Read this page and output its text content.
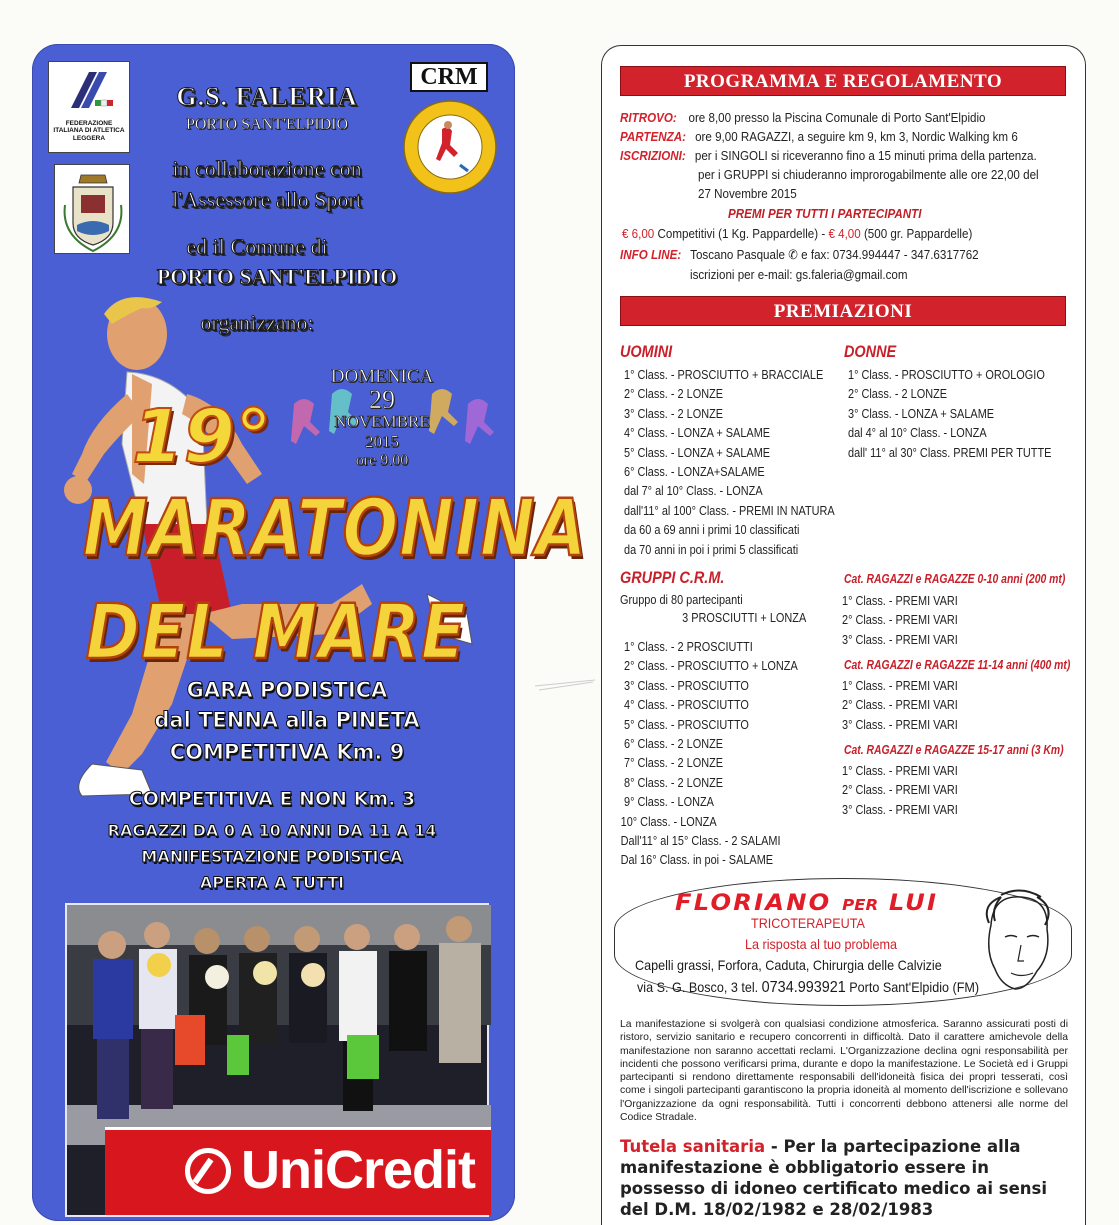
FEDERAZIONE ITALIANA DI ATLETICA LEGGERA
CRM
G.S. FALERIA
PORTO SANT'ELPIDIO
in collaborazione con
l'Assessore allo Sport
ed il Comune di
PORTO SANT'ELPIDIO
organizzano:
DOMENICA
29
NOVEMBRE 2015
ore 9.00
19°
MARATONINA
DEL MARE
GARA PODISTICA
dal TENNA alla PINETA
COMPETITIVA Km. 9
COMPETITIVA E NON Km. 3
RAGAZZI DA 0 A 10 ANNI DA 11 A 14
MANIFESTAZIONE PODISTICA
APERTA A TUTTI
UniCredit
PROGRAMMA E REGOLAMENTO
RITROVO: ore 8,00 presso la Piscina Comunale di Porto Sant'Elpidio
PARTENZA: ore 9,00 RAGAZZI, a seguire km 9, km 3, Nordic Walking km 6
ISCRIZIONI: per i SINGOLI si riceveranno fino a 15 minuti prima della partenza.
per i GRUPPI si chiuderanno improrogabilmente alle ore 22,00 del
27 Novembre 2015
PREMI PER TUTTI I PARTECIPANTI
€ 6,00 Competitivi (1 Kg. Pappardelle) - € 4,00 (500 gr. Pappardelle)
INFO LINE: Toscano Pasquale ✆ e fax: 0734.994447 - 347.6317762
iscrizioni per e-mail: gs.faleria@gmail.com
PREMIAZIONI
UOMINI
1° Class. - PROSCIUTTO + BRACCIALE
2° Class. - 2 LONZE
3° Class. - 2 LONZE
4° Class. - LONZA + SALAME
5° Class. - LONZA + SALAME
6° Class. - LONZA+SALAME
dal 7° al 10° Class. - LONZA
dall'11° al 100° Class. - PREMI IN NATURA
da 60 a 69 anni i primi 10 classificati
da 70 anni in poi i primi 5 classificati
DONNE
1° Class. - PROSCIUTTO + OROLOGIO
2° Class. - 2 LONZE
3° Class. - LONZA + SALAME
dal 4° al 10° Class. - LONZA
dall' 11° al 30° Class. PREMI PER TUTTE
GRUPPI C.R.M.
Gruppo di 80 partecipanti
3 PROSCIUTTI + LONZA
1° Class. - 2 PROSCIUTTI
2° Class. - PROSCIUTTO + LONZA
3° Class. - PROSCIUTTO
4° Class. - PROSCIUTTO
5° Class. - PROSCIUTTO
6° Class. - 2 LONZE
7° Class. - 2 LONZE
8° Class. - 2 LONZE
9° Class. - LONZA
10° Class. - LONZA
Dall'11° al 15° Class. - 2 SALAMI
Dal 16° Class. in poi - SALAME
Cat. RAGAZZI e RAGAZZE 0-10 anni (200 mt)
1° Class. - PREMI VARI
2° Class. - PREMI VARI
3° Class. - PREMI VARI
Cat. RAGAZZI e RAGAZZE 11-14 anni (400 mt)
1° Class. - PREMI VARI
2° Class. - PREMI VARI
3° Class. - PREMI VARI
Cat. RAGAZZI e RAGAZZE 15-17 anni (3 Km)
1° Class. - PREMI VARI
2° Class. - PREMI VARI
3° Class. - PREMI VARI
FLORIANO PER LUI
TRICOTERAPEUTA
La risposta al tuo problema
Capelli grassi, Forfora, Caduta, Chirurgia delle Calvizie
via S. G. Bosco, 3 tel. 0734.993921 Porto Sant'Elpidio (FM)
La manifestazione si svolgerà con qualsiasi condizione atmosferica. Saranno assicurati posti di ristoro, servizio sanitario e recupero concorrenti in difficoltà. Dato il carattere amichevole della manifestazione non saranno accettati reclami. L'Organizzazione declina ogni responsabilità per incidenti che possono verificarsi prima, durante e dopo la manifestazione. Le Società ed i Gruppi partecipanti si rendono direttamente responsabili dell'idoneità fisica dei propri tesserati, così come i singoli partecipanti garantiscono la propria idoneità al momento dell'iscrizione e sollevano l'Organizzazione da ogni responsabilità. Tutti i concorrenti debbono attenersi alle norme del Codice Stradale.
Tutela sanitaria - Per la partecipazione alla manifestazione è obbligatorio essere in possesso di idoneo certificato medico ai sensi del D.M. 18/02/1982 e 28/02/1983
